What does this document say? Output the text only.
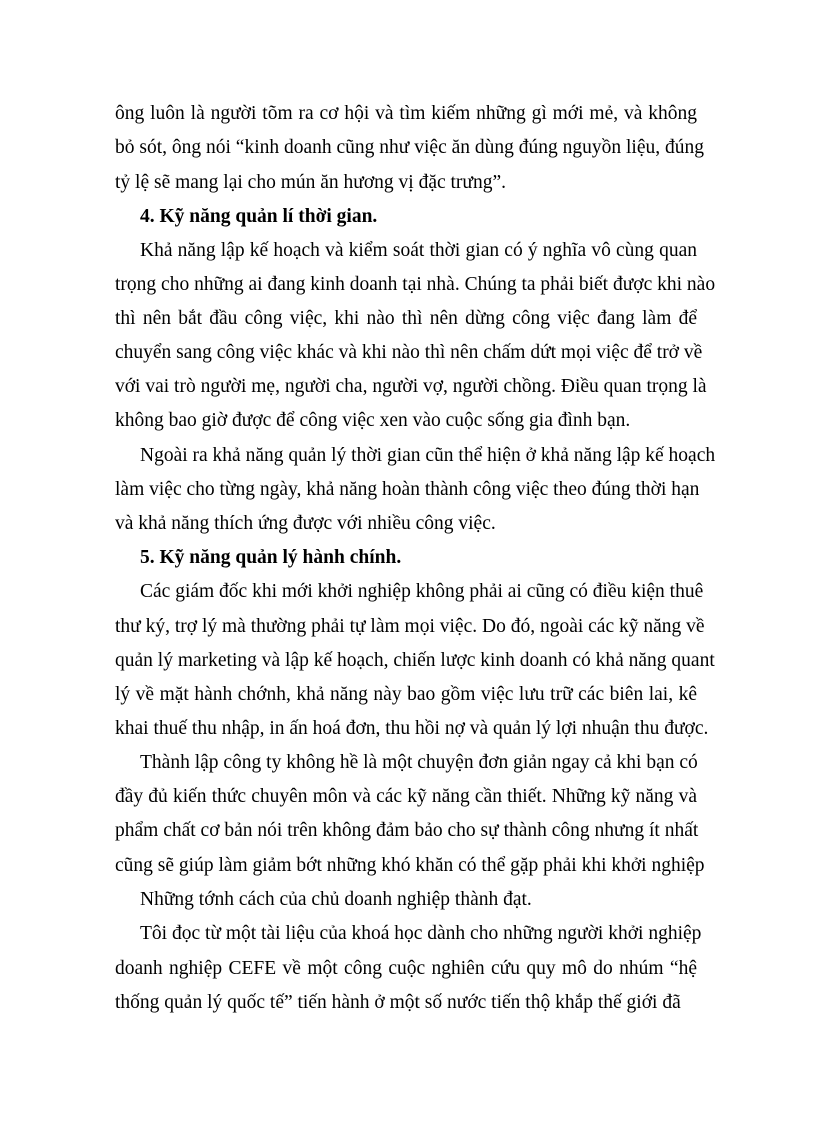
ông luôn là người tõm ra cơ hội và tìm kiếm những gì mới mẻ, và không
bỏ sót, ông nói “kinh doanh cũng như việc ăn dùng đúng nguyồn liệu, đúng
tỷ lệ sẽ mang lại cho mún ăn hương vị đặc trưng”.
4. Kỹ năng quản lí thời gian.
Khả năng lập kế hoạch và kiểm soát thời gian có ý nghĩa vô cùng quan
trọng cho những ai đang kinh doanh tại nhà. Chúng ta phải biết được khi nào
thì nên bắt đầu công việc, khi nào thì nên dừng công việc đang làm để
chuyển sang công việc khác và khi nào thì nên chấm dứt mọi việc để trở về
với vai trò người mẹ, người cha, người vợ, người chồng. Điều quan trọng là
không bao giờ được để công việc xen vào cuộc sống gia đình bạn.
Ngoài ra khả năng quản lý thời gian cũn thể hiện ở khả năng lập kế hoạch
làm việc cho từng ngày, khả năng hoàn thành công việc theo đúng thời hạn
và khả năng thích ứng được với nhiều công việc.
5. Kỹ năng quản lý hành chính.
Các giám đốc khi mới khởi nghiệp không phải ai cũng có điều kiện thuê
thư ký, trợ lý mà thường phải tự làm mọi việc. Do đó, ngoài các kỹ năng về
quản lý marketing và lập kế hoạch, chiến lược kinh doanh có khả năng quant
lý về mặt hành chớnh, khả năng này bao gồm việc lưu trữ các biên lai, kê
khai thuế thu nhập, in ấn hoá đơn, thu hồi nợ và quản lý lợi nhuận thu được.
Thành lập công ty không hề là một chuyện đơn giản ngay cả khi bạn có
đầy đủ kiến thức chuyên môn và các kỹ năng cần thiết. Những kỹ năng và
phẩm chất cơ bản nói trên không đảm bảo cho sự thành công nhưng ít nhất
cũng sẽ giúp làm giảm bớt những khó khăn có thể gặp phải khi khởi nghiệp
Những tớnh cách của chủ doanh nghiệp thành đạt.
Tôi đọc từ một tài liệu của khoá học dành cho những người khởi nghiệp
doanh nghiệp CEFE về một công cuộc nghiên cứu quy mô do nhúm “hệ
thống quản lý quốc tế” tiến hành ở một số nước tiến thộ khắp thế giới đã
